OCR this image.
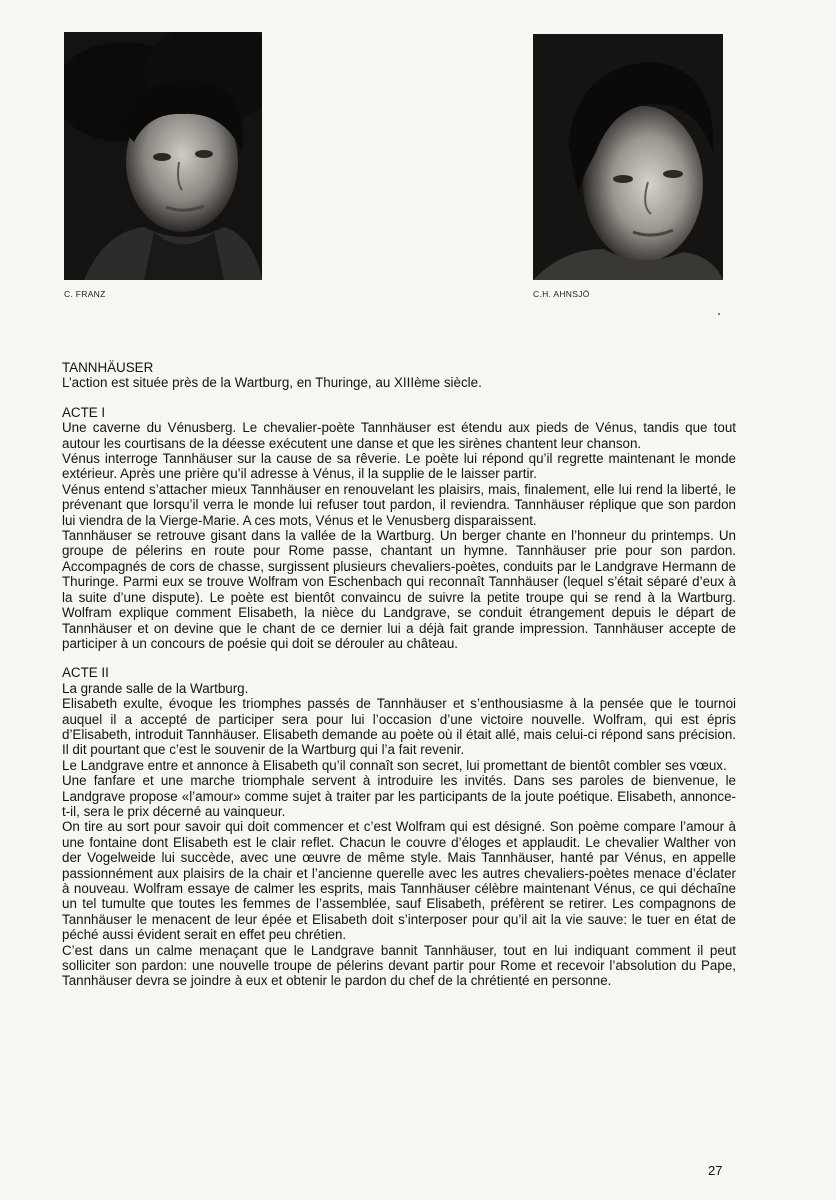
C. FRANZ	C.H. AHNSJÖ
TANNHÄUSER

L’action est située près de la Wartburg, en Thuringe, au XIIIème siècle.

ACTE I

Une caverne du Vénusberg. Le chevalier-poète Tannhäuser est étendu aux pieds de Vénus, tandis que tout autour les courtisans de la déesse exécutent une danse et que les sirènes chantent leur chanson.

Vénus interroge Tannhäuser sur la cause de sa rêverie. Le poète lui répond qu’il regrette maintenant le monde extérieur. Après une prière qu’il adresse à Vénus, il la supplie de le laisser partir.

Vénus entend s’attacher mieux Tannhäuser en renouvelant les plaisirs, mais, finalement, elle lui rend la liberté, le prévenant que lorsqu’il verra le monde lui refuser tout pardon, il reviendra. Tannhäuser réplique que son pardon lui viendra de la Vierge-Marie. A ces mots, Vénus et le Venusberg disparaissent.

Tannhäuser se retrouve gisant dans la vallée de la Wartburg. Un berger chante en l’honneur du printemps. Un groupe de pélerins en route pour Rome passe, chantant un hymne. Tannhäuser prie pour son pardon. Accompagnés de cors de chasse, surgissent plusieurs chevaliers-poètes, conduits par le Landgrave Hermann de Thuringe. Parmi eux se trouve Wolfram von Eschenbach qui reconnaît Tannhäuser (lequel s’était séparé d’eux à la suite d’une dispute). Le poète est bientôt convaincu de suivre la petite troupe qui se rend à la Wartburg. Wolfram explique comment Elisabeth, la nièce du Landgrave, se conduit étrangement depuis le départ de Tannhäuser et on devine que le chant de ce dernier lui a déjà fait grande impression. Tannhäuser accepte de participer à un concours de poésie qui doit se dérouler au château.

ACTE II

La grande salle de la Wartburg.

Elisabeth exulte, évoque les triomphes passés de Tannhäuser et s’enthousiasme à la pensée que le tournoi auquel il a accepté de participer sera pour lui l’occasion d’une victoire nouvelle. Wolfram, qui est épris d’Elisabeth, introduit Tannhäuser. Elisabeth demande au poète où il était allé, mais celui-ci répond sans précision. Il dit pourtant que c’est le souvenir de la Wartburg qui l’a fait revenir.

Le Landgrave entre et annonce à Elisabeth qu’il connaît son secret, lui promettant de bientôt combler ses vœux.

Une fanfare et une marche triomphale servent à introduire les invités. Dans ses paroles de bienvenue, le Landgrave propose «l’amour» comme sujet à traiter par les participants de la joute poétique. Elisabeth, annonce-t-il, sera le prix décerné au vainqueur.

On tire au sort pour savoir qui doit commencer et c’est Wolfram qui est désigné. Son poème compare l’amour à une fontaine dont Elisabeth est le clair reflet. Chacun le couvre d’éloges et applaudit. Le chevalier Walther von der Vogelweide lui succède, avec une œuvre de même style. Mais Tannhäuser, hanté par Vénus, en appelle passionnément aux plaisirs de la chair et l’ancienne querelle avec les autres chevaliers-poètes menace d’éclater à nouveau. Wolfram essaye de calmer les esprits, mais Tannhäuser célèbre maintenant Vénus, ce qui déchaîne un tel tumulte que toutes les femmes de l’assemblée, sauf Elisabeth, préfèrent se retirer. Les compagnons de Tannhäuser le menacent de leur épée et Elisabeth doit s’interposer pour qu’il ait la vie sauve: le tuer en état de péché aussi évident serait en effet peu chrétien.

C’est dans un calme menaçant que le Landgrave bannit Tannhäuser, tout en lui indiquant comment il peut solliciter son pardon: une nouvelle troupe de pélerins devant partir pour Rome et recevoir l’absolution du Pape, Tannhäuser devra se joindre à eux et obtenir le pardon du chef de la chrétienté en personne.

27
